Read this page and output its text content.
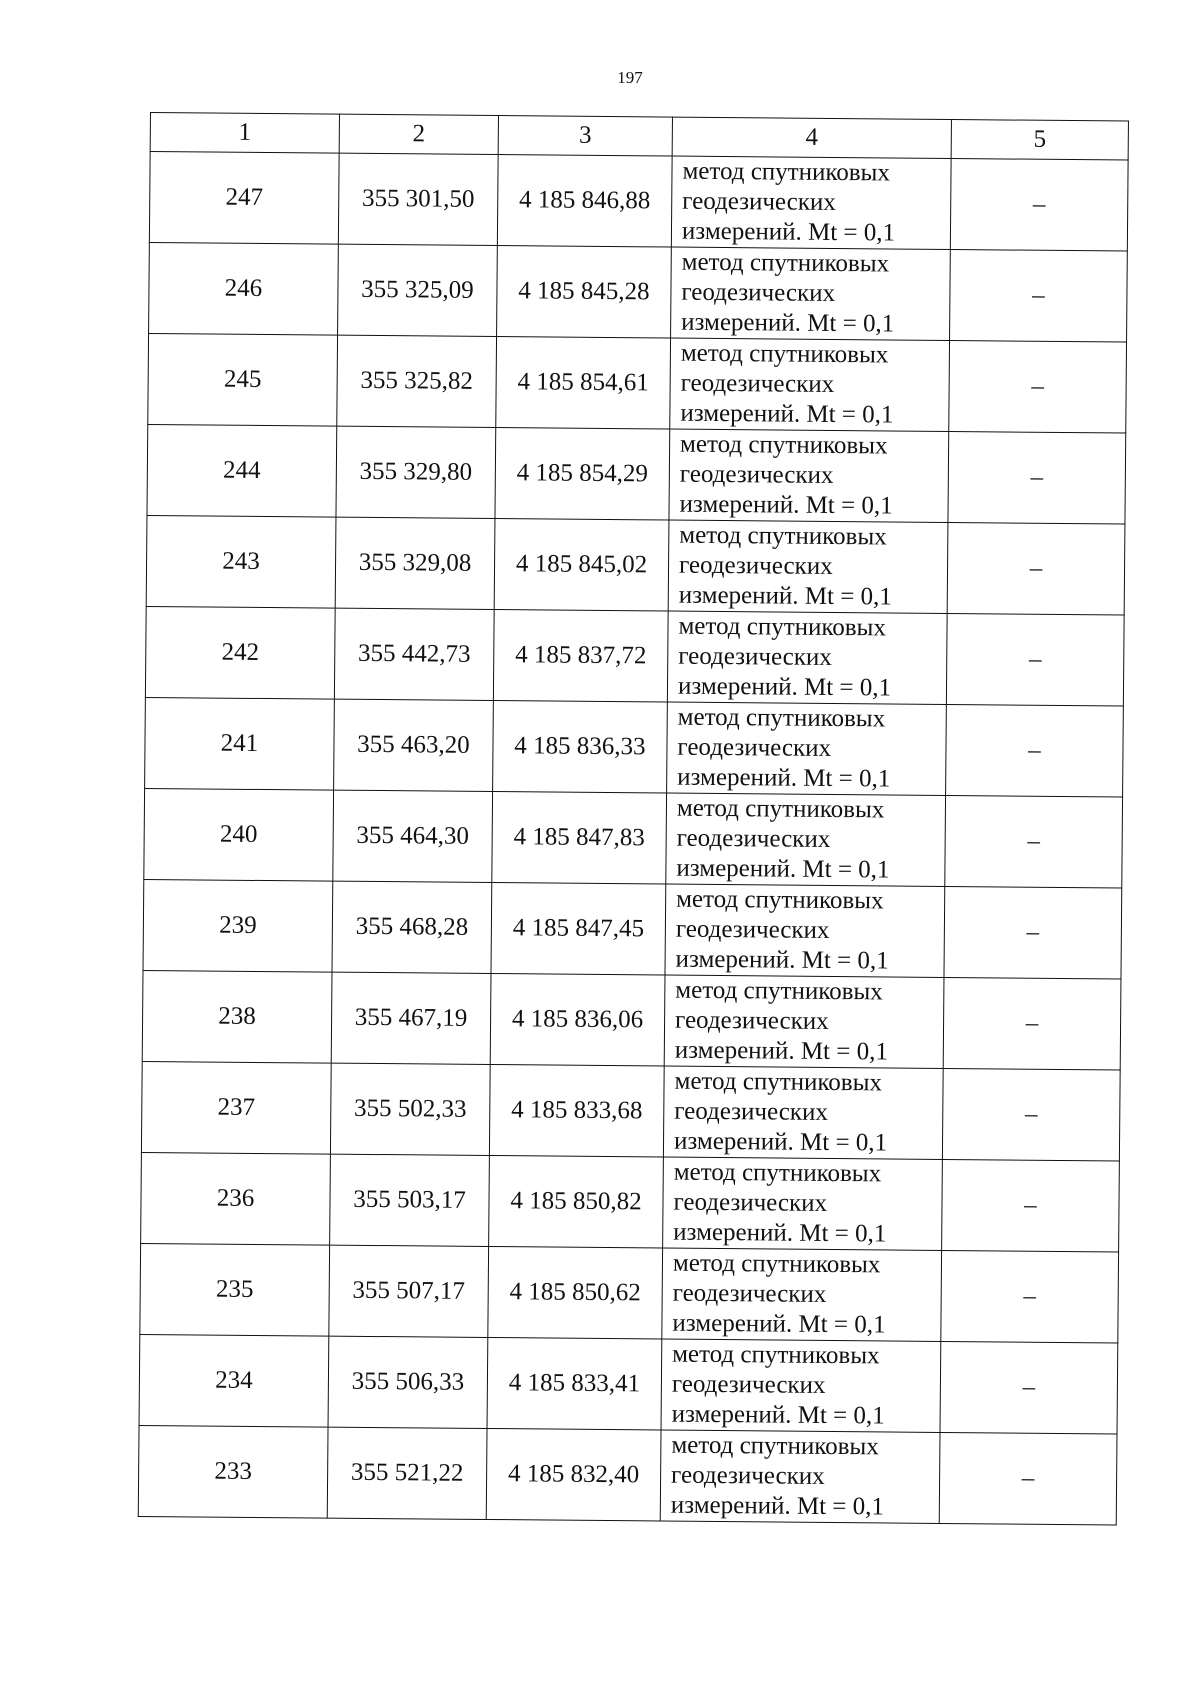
197
1	2	3	4	5
247	355 301,50	4 185 846,88	метод спутниковых
геодезических
измерений. Mt = 0,1	–
246	355 325,09	4 185 845,28	метод спутниковых
геодезических
измерений. Mt = 0,1	–
245	355 325,82	4 185 854,61	метод спутниковых
геодезических
измерений. Mt = 0,1	–
244	355 329,80	4 185 854,29	метод спутниковых
геодезических
измерений. Mt = 0,1	–
243	355 329,08	4 185 845,02	метод спутниковых
геодезических
измерений. Mt = 0,1	–
242	355 442,73	4 185 837,72	метод спутниковых
геодезических
измерений. Mt = 0,1	–
241	355 463,20	4 185 836,33	метод спутниковых
геодезических
измерений. Mt = 0,1	–
240	355 464,30	4 185 847,83	метод спутниковых
геодезических
измерений. Mt = 0,1	–
239	355 468,28	4 185 847,45	метод спутниковых
геодезических
измерений. Mt = 0,1	–
238	355 467,19	4 185 836,06	метод спутниковых
геодезических
измерений. Mt = 0,1	–
237	355 502,33	4 185 833,68	метод спутниковых
геодезических
измерений. Mt = 0,1	–
236	355 503,17	4 185 850,82	метод спутниковых
геодезических
измерений. Mt = 0,1	–
235	355 507,17	4 185 850,62	метод спутниковых
геодезических
измерений. Mt = 0,1	–
234	355 506,33	4 185 833,41	метод спутниковых
геодезических
измерений. Mt = 0,1	–
233	355 521,22	4 185 832,40	метод спутниковых
геодезических
измерений. Mt = 0,1	–
